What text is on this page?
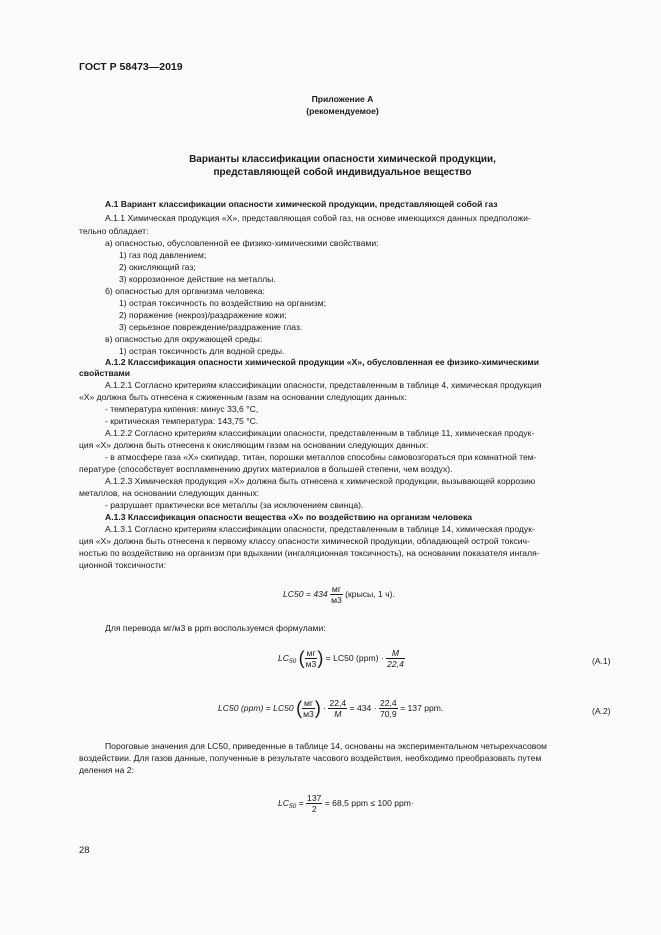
ГОСТ Р 58473—2019
Приложение А
(рекомендуемое)
Варианты классификации опасности химической продукции,
представляющей собой индивидуальное вещество
А.1 Вариант классификации опасности химической продукции, представляющей собой газ
А.1.1 Химическая продукция «Х», представляющая собой газ, на основе имеющихся данных предположи-
тельно обладает:
а) опасностью, обусловленной ее физико-химическими свойствами:
1) газ под давлением;
2) окисляющий газ;
3) коррозионное действие на металлы.
б) опасностью для организма человека:
1) острая токсичность по воздействию на организм;
2) поражение (некроз)/раздражение кожи;
3) серьезное повреждение/раздражение глаз.
в) опасностью для окружающей среды:
1) острая токсичность для водной среды.
А.1.2 Классификация опасности химической продукции «Х», обусловленная ее физико-химическими
свойствами
А.1.2.1 Согласно критериям классификации опасности, представленным в таблице 4, химическая продукция
«Х» должна быть отнесена к сжиженным газам на основании следующих данных:
- температура кипения: минус 33,6 °C,
- критическая температура: 143,75 °C.
А.1.2.2 Согласно критериям классификации опасности, представленным в таблице 11, химическая продук-
ция «Х» должна быть отнесена к окисляющим газам на основании следующих данных:
- в атмосфере газа «Х» скипидар, титан, порошки металлов способны самовозгораться при комнатной тем-
пературе (способствует воспламенению других материалов в большей степени, чем воздух).
А.1.2.3 Химическая продукция «Х» должна быть отнесена к химической продукции, вызывающей коррозию
металлов, на основании следующих данных:
- разрушает практически все металлы (за исключением свинца).
А.1.3 Классификация опасности вещества «Х» по воздействию на организм человека
А.1.3.1 Согласно критериям классификации опасности, представленным в таблице 14, химическая продук-
ция «Х» должна быть отнесена к первому классу опасности химической продукции, обладающей острой токсич-
ностью по воздействию на организм при вдыхании (ингаляционная токсичность), на основании показателя ингаля-
ционной токсичности:
$LC50 = 434 \frac{мг}{м3}$ (крысы, 1 ч).
Для перевода мг/м3 в ppm воспользуемся формулами:
$LC_{50}$ ( $\frac{мг}{м3}$ ) = LC50 $(ppm) \cdot \frac{M}{22,4}$	(А.1)
LC50 (ppm) = LC50 ( $\frac{мг}{м3}$ ) · $\frac{22,4}{M} = 434 \cdot \frac{22,4}{70,9} = 137$ ppm.	(А.2)
Пороговые значения для LC50, приведенные в таблице 14, основаны на экспериментальном четырехчасовом
воздействии. Для газов данные, полученные в результате часового воздействия, необходимо преобразовать путем
деления на 2:
$LC_{50} = \frac{137}{2} = 68,5$ ppm ≤ 100 ppm·
28
